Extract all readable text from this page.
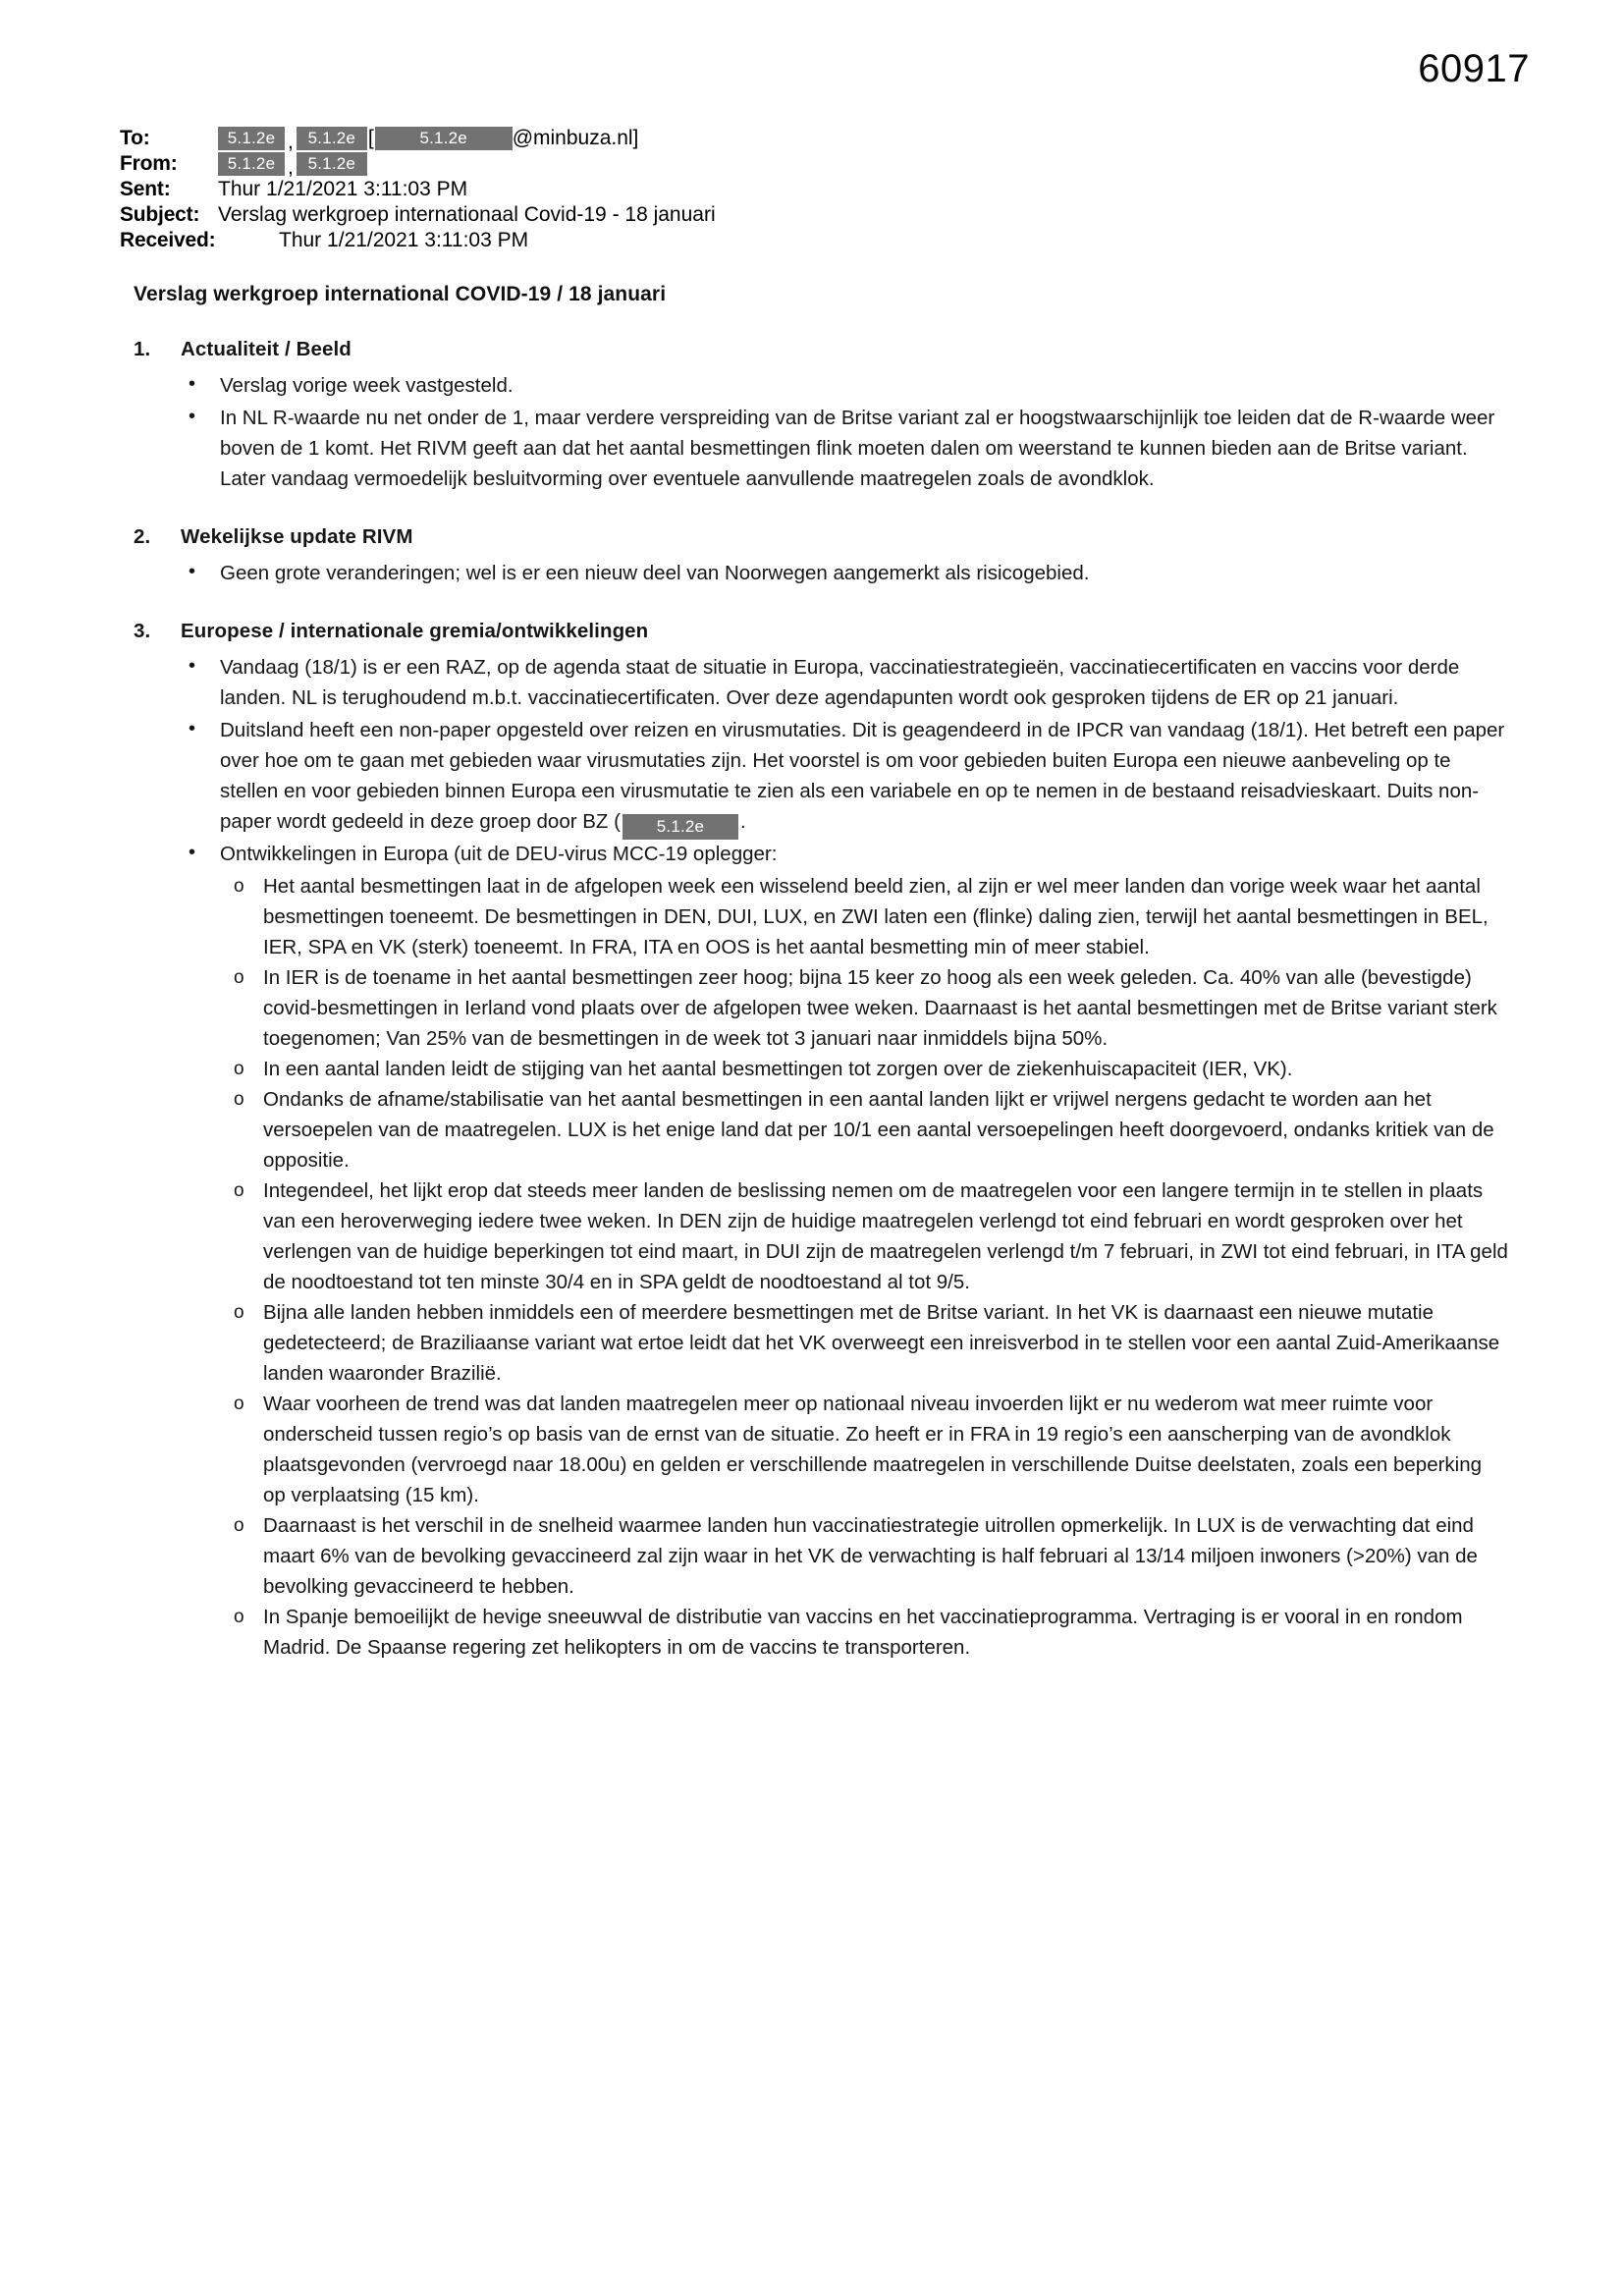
60917
To:	5.1.2e , 5.1.2e [	5.1.2e	@minbuza.nl]
From:	5.1.2e , 5.1.2e
Sent:	Thur 1/21/2021 3:11:03 PM
Subject: Verslag werkgroep internationaal Covid-19 - 18 januari
Received:	Thur 1/21/2021 3:11:03 PM
Verslag werkgroep international COVID-19 / 18 januari
1.	Actualiteit / Beeld
• Verslag vorige week vastgesteld.
• In NL R-waarde nu net onder de 1, maar verdere verspreiding van de Britse variant zal er hoogstwaarschijnlijk toe leiden dat de R-waarde weer boven de 1 komt. Het RIVM geeft aan dat het aantal besmettingen flink moeten dalen om weerstand te kunnen bieden aan de Britse variant. Later vandaag vermoedelijk besluitvorming over eventuele aanvullende maatregelen zoals de avondklok.
2.	Wekelijkse update RIVM
• Geen grote veranderingen; wel is er een nieuw deel van Noorwegen aangemerkt als risicogebied.
3.	Europese / internationale gremia/ontwikkelingen
• Vandaag (18/1) is er een RAZ, op de agenda staat de situatie in Europa, vaccinatiestrategieën, vaccinatiecertificaten en vaccins voor derde landen. NL is terughoudend m.b.t. vaccinatiecertificaten. Over deze agendapunten wordt ook gesproken tijdens de ER op 21 januari.
• Duitsland heeft een non-paper opgesteld over reizen en virusmutaties. Dit is geagendeerd in de IPCR van vandaag (18/1). Het betreft een paper over hoe om te gaan met gebieden waar virusmutaties zijn. Het voorstel is om voor gebieden buiten Europa een nieuwe aanbeveling op te stellen en voor gebieden binnen Europa een virusmutatie te zien als een variabele en op te nemen in de bestaand reisadvieskaart. Duits non-paper wordt gedeeld in deze groep door BZ ( 5.1.2e .
• Ontwikkelingen in Europa (uit de DEU-virus MCC-19 oplegger:
o Het aantal besmettingen laat in de afgelopen week een wisselend beeld zien, al zijn er wel meer landen dan vorige week waar het aantal besmettingen toeneemt. De besmettingen in DEN, DUI, LUX, en ZWI laten een (flinke) daling zien, terwijl het aantal besmettingen in BEL, IER, SPA en VK (sterk) toeneemt. In FRA, ITA en OOS is het aantal besmetting min of meer stabiel.
o In IER is de toename in het aantal besmettingen zeer hoog; bijna 15 keer zo hoog als een week geleden. Ca. 40% van alle (bevestigde) covid-besmettingen in Ierland vond plaats over de afgelopen twee weken. Daarnaast is het aantal besmettingen met de Britse variant sterk toegenomen; Van 25% van de besmettingen in de week tot 3 januari naar inmiddels bijna 50%.
o In een aantal landen leidt de stijging van het aantal besmettingen tot zorgen over de ziekenhuiscapaciteit (IER, VK).
o Ondanks de afname/stabilisatie van het aantal besmettingen in een aantal landen lijkt er vrijwel nergens gedacht te worden aan het versoepelen van de maatregelen. LUX is het enige land dat per 10/1 een aantal versoepelingen heeft doorgevoerd, ondanks kritiek van de oppositie.
o Integendeel, het lijkt erop dat steeds meer landen de beslissing nemen om de maatregelen voor een langere termijn in te stellen in plaats van een heroverweging iedere twee weken. In DEN zijn de huidige maatregelen verlengd tot eind februari en wordt gesproken over het verlengen van de huidige beperkingen tot eind maart, in DUI zijn de maatregelen verlengd t/m 7 februari, in ZWI tot eind februari, in ITA geld de noodtoestand tot ten minste 30/4 en in SPA geldt de noodtoestand al tot 9/5.
o Bijna alle landen hebben inmiddels een of meerdere besmettingen met de Britse variant. In het VK is daarnaast een nieuwe mutatie gedetecteerd; de Braziliaanse variant wat ertoe leidt dat het VK overweegt een inreisverbod in te stellen voor een aantal Zuid-Amerikaanse landen waaronder Brazilië.
o Waar voorheen de trend was dat landen maatregelen meer op nationaal niveau invoerden lijkt er nu wederom wat meer ruimte voor onderscheid tussen regio’s op basis van de ernst van de situatie. Zo heeft er in FRA in 19 regio’s een aanscherping van de avondklok plaatsgevonden (vervroegd naar 18.00u) en gelden er verschillende maatregelen in verschillende Duitse deelstaten, zoals een beperking op verplaatsing (15 km).
o Daarnaast is het verschil in de snelheid waarmee landen hun vaccinatiestrategie uitrollen opmerkelijk. In LUX is de verwachting dat eind maart 6% van de bevolking gevaccineerd zal zijn waar in het VK de verwachting is half februari al 13/14 miljoen inwoners (>20%) van de bevolking gevaccineerd te hebben.
o In Spanje bemoeilijkt de hevige sneeuwval de distributie van vaccins en het vaccinatieprogramma. Vertraging is er vooral in en rondom Madrid. De Spaanse regering zet helikopters in om de vaccins te transporteren.
